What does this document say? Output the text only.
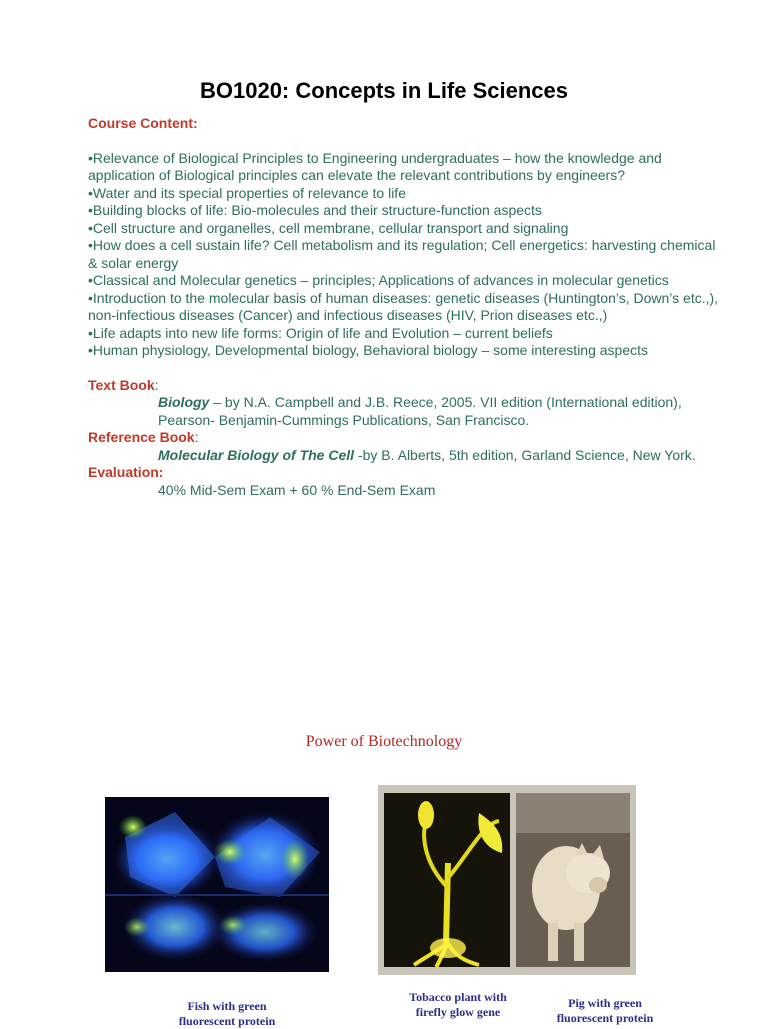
BO1020: Concepts in Life Sciences
Course Content:
•Relevance of Biological Principles to Engineering undergraduates – how the knowledge and application of Biological principles can elevate the relevant contributions by engineers?
•Water and its special properties of relevance to life
•Building blocks of life: Bio-molecules and their structure-function aspects
•Cell structure and organelles, cell membrane, cellular transport and signaling
•How does a cell sustain life? Cell metabolism and its regulation; Cell energetics: harvesting chemical & solar energy
•Classical and Molecular genetics – principles; Applications of advances in molecular genetics
•Introduction to the molecular basis of human diseases: genetic diseases (Huntington’s, Down’s etc.,), non-infectious diseases (Cancer) and infectious diseases (HIV, Prion diseases etc.,)
•Life adapts into new life forms: Origin of life and Evolution – current beliefs
•Human physiology, Developmental biology, Behavioral biology – some interesting aspects
Text Book:
Biology – by N.A. Campbell and J.B. Reece, 2005. VII edition (International edition), Pearson- Benjamin-Cummings Publications, San Francisco.
Reference Book:
Molecular Biology of The Cell -by B. Alberts, 5th edition, Garland Science, New York.
Evaluation:
40% Mid-Sem Exam + 60 % End-Sem Exam
Power of Biotechnology
Fish with green fluorescent protein
Tobacco plant with firefly glow gene
Pig with green fluorescent protein
